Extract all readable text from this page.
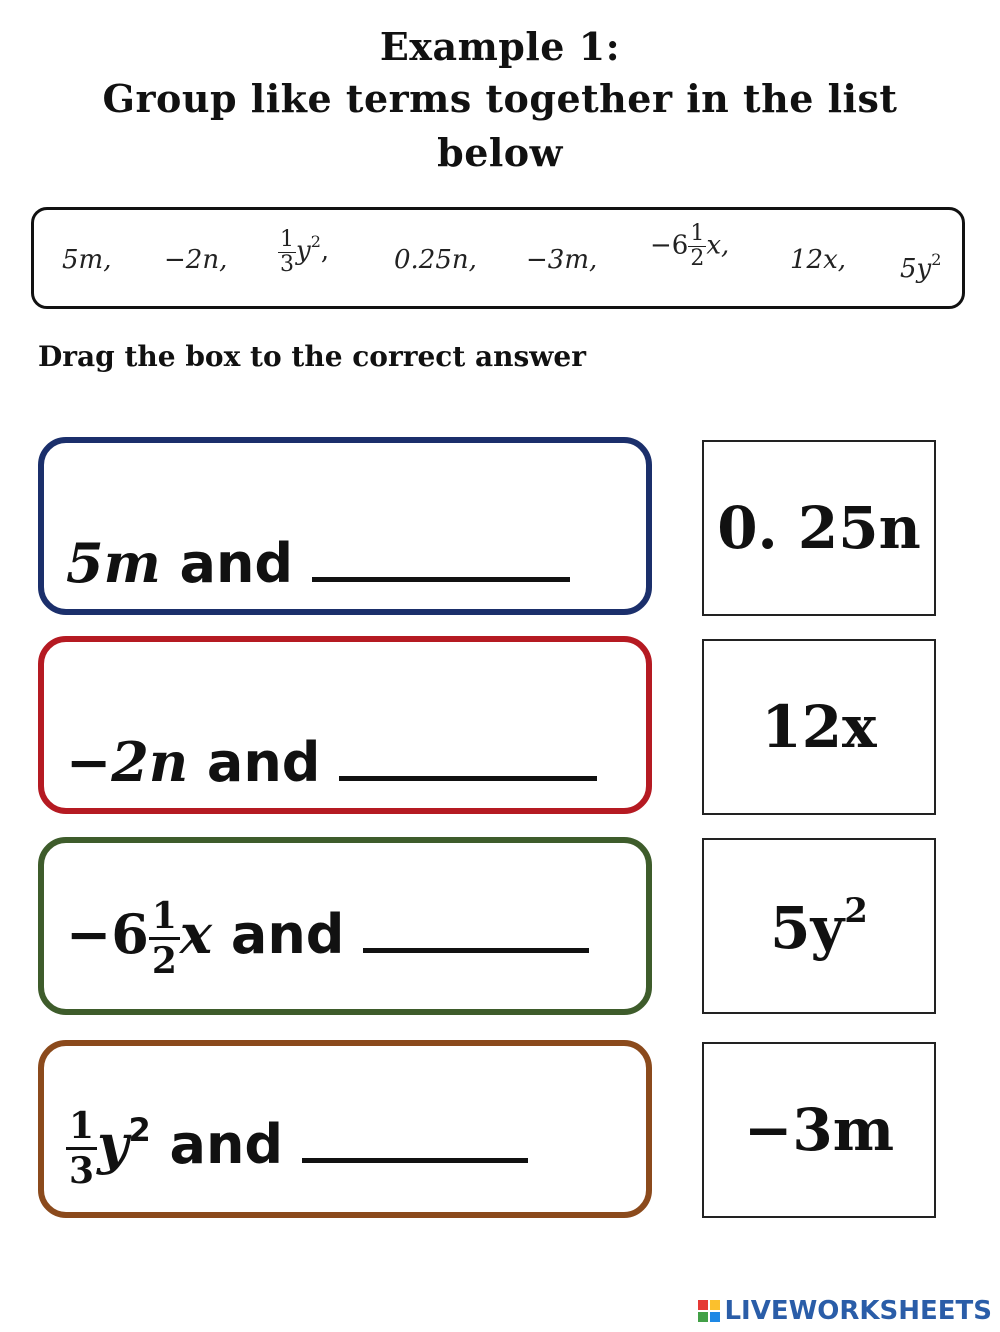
Example 1:
Group like terms together in the list
below
5m, −2n, $\frac{1}{3} y^2$, 0.25n, −3m, $-6 \frac{1}{2} x$, 12x, $5y^2$
Drag the box to the correct answer
5m and
−2n and
$-6 \frac{1}{2}$ x and
$\frac{1}{3} y^2$ and
0. 25n
12x
$5y^2$
−3m
LIVEWORKSHEETS
